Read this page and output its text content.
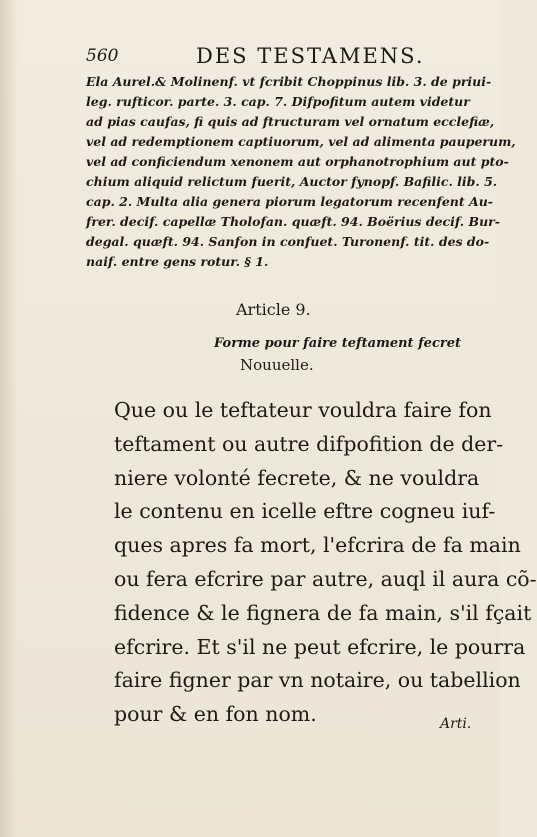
560	DES TESTAMENS.
Ela Aurel.& Molinenf. vt fcribit Choppinus lib. 3. de priui-
leg. rufticor. parte. 3. cap. 7. Difpofitum autem videtur
ad pias caufas, fi quis ad ftructuram vel ornatum ecclefiæ,
vel ad redemptionem captiuorum, vel ad alimenta pauperum,
vel ad conficiendum xenonem aut orphanotrophium aut pto-
chium aliquid relictum fuerit, Auctor fynopf. Bafilic. lib. 5.
cap. 2. Multa alia genera piorum legatorum recenfent Au-
frer. decif. capellæ Tholofan. quæft. 94. Boërius decif. Bur-
degal. quæft. 94. Sanfon in confuet. Turonenf. tit. des do-
naif. entre gens rotur. § 1.
Article 9.
Forme pour faire teftament fecret
Nouuelle.
Que ou le teftateur vouldra faire fon
teftament ou autre difpofition de der-
niere volonté fecrete, & ne vouldra
le contenu en icelle eftre cogneu iuf-
ques apres fa mort, l'efcrira de fa main
ou fera efcrire par autre, auql il aura cõ-
fidence & le fignera de fa main, s'il fçait
efcrire. Et s'il ne peut efcrire, le pourra
faire figner par vn notaire, ou tabellion
pour & en fon nom.	Arti.
